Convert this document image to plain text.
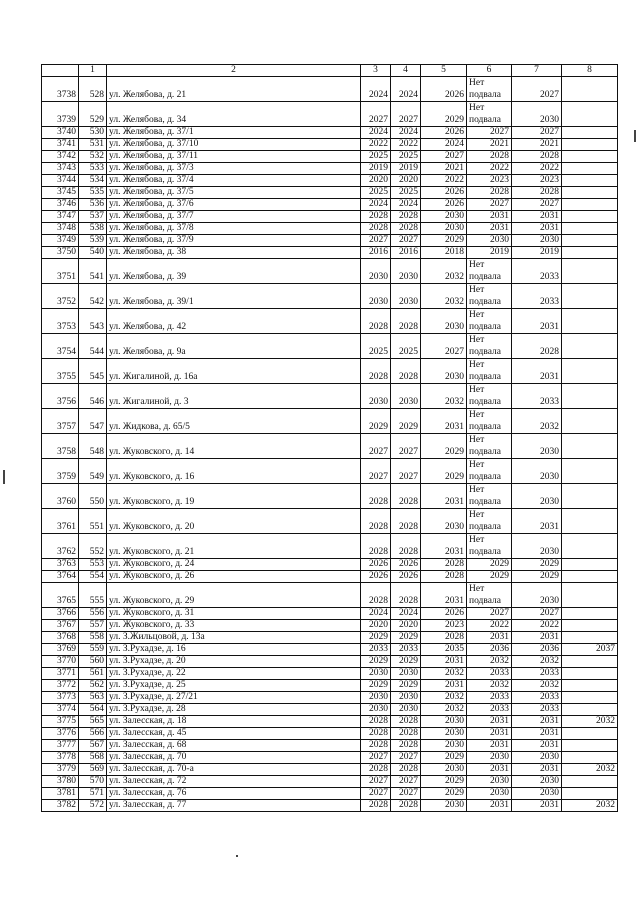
	1	2	3	4	5	6	7	8
3738	528	ул. Желябова, д. 21	2024	2024	2026	Нет подвала	2027	
3739	529	ул. Желябова, д. 34	2027	2027	2029	Нет подвала	2030	
3740	530	ул. Желябова, д. 37/1	2024	2024	2026	2027	2027	
3741	531	ул. Желябова, д. 37/10	2022	2022	2024	2021	2021	
3742	532	ул. Желябова, д. 37/11	2025	2025	2027	2028	2028	
3743	533	ул. Желябова, д. 37/3	2019	2019	2021	2022	2022	
3744	534	ул. Желябова, д. 37/4	2020	2020	2022	2023	2023	
3745	535	ул. Желябова, д. 37/5	2025	2025	2026	2028	2028	
3746	536	ул. Желябова, д. 37/6	2024	2024	2026	2027	2027	
3747	537	ул. Желябова, д. 37/7	2028	2028	2030	2031	2031	
3748	538	ул. Желябова, д. 37/8	2028	2028	2030	2031	2031	
3749	539	ул. Желябова, д. 37/9	2027	2027	2029	2030	2030	
3750	540	ул. Желябова, д. 38	2016	2016	2018	2019	2019	
3751	541	ул. Желябова, д. 39	2030	2030	2032	Нет подвала	2033	
3752	542	ул. Желябова, д. 39/1	2030	2030	2032	Нет подвала	2033	
3753	543	ул. Желябова, д. 42	2028	2028	2030	Нет подвала	2031	
3754	544	ул. Желябова, д. 9а	2025	2025	2027	Нет подвала	2028	
3755	545	ул. Жигалиной, д. 16а	2028	2028	2030	Нет подвала	2031	
3756	546	ул. Жигалиной, д. 3	2030	2030	2032	Нет подвала	2033	
3757	547	ул. Жидкова, д. 65/5	2029	2029	2031	Нет подвала	2032	
3758	548	ул. Жуковского, д. 14	2027	2027	2029	Нет подвала	2030	
3759	549	ул. Жуковского, д. 16	2027	2027	2029	Нет подвала	2030	
3760	550	ул. Жуковского, д. 19	2028	2028	2031	Нет подвала	2030	
3761	551	ул. Жуковского, д. 20	2028	2028	2030	Нет подвала	2031	
3762	552	ул. Жуковского, д. 21	2028	2028	2031	Нет подвала	2030	
3763	553	ул. Жуковского, д. 24	2026	2026	2028	2029	2029	
3764	554	ул. Жуковского, д. 26	2026	2026	2028	2029	2029	
3765	555	ул. Жуковского, д. 29	2028	2028	2031	Нет подвала	2030	
3766	556	ул. Жуковского, д. 31	2024	2024	2026	2027	2027	
3767	557	ул. Жуковского, д. 33	2020	2020	2023	2022	2022	
3768	558	ул. З.Жильцовой, д. 13а	2029	2029	2028	2031	2031	
3769	559	ул. З.Рухадзе, д. 16	2033	2033	2035	2036	2036	2037
3770	560	ул. З.Рухадзе, д. 20	2029	2029	2031	2032	2032	
3771	561	ул. З.Рухадзе, д. 22	2030	2030	2032	2033	2033	
3772	562	ул. З.Рухадзе, д. 25	2029	2029	2031	2032	2032	
3773	563	ул. З.Рухадзе, д. 27/21	2030	2030	2032	2033	2033	
3774	564	ул. З.Рухадзе, д. 28	2030	2030	2032	2033	2033	
3775	565	ул. Залесская, д. 18	2028	2028	2030	2031	2031	2032
3776	566	ул. Залесская, д. 45	2028	2028	2030	2031	2031	
3777	567	ул. Залесская, д. 68	2028	2028	2030	2031	2031	
3778	568	ул. Залесская, д. 70	2027	2027	2029	2030	2030	
3779	569	ул. Залесская, д. 70-а	2028	2028	2030	2031	2031	2032
3780	570	ул. Залесская, д. 72	2027	2027	2029	2030	2030	
3781	571	ул. Залесская, д. 76	2027	2027	2029	2030	2030	
3782	572	ул. Залесская, д. 77	2028	2028	2030	2031	2031	2032
